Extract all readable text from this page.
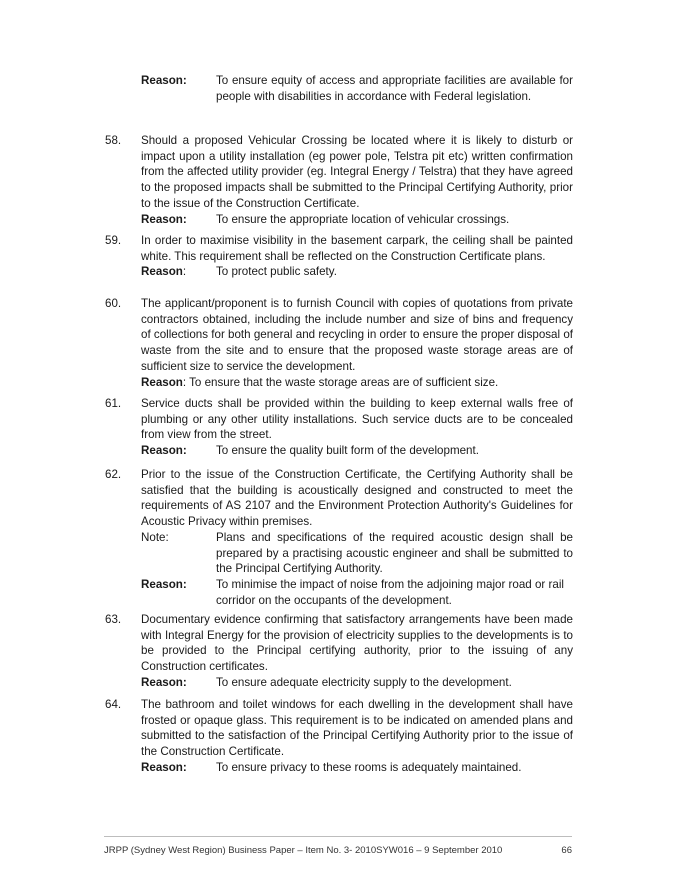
Reason:	To ensure equity of access and appropriate facilities are available for people with disabilities in accordance with Federal legislation.
58. Should a proposed Vehicular Crossing be located where it is likely to disturb or impact upon a utility installation (eg power pole, Telstra pit etc) written confirmation from the affected utility provider (eg. Integral Energy / Telstra) that they have agreed to the proposed impacts shall be submitted to the Principal Certifying Authority, prior to the issue of the Construction Certificate.
Reason:	To ensure the appropriate location of vehicular crossings.
59. In order to maximise visibility in the basement carpark, the ceiling shall be painted white. This requirement shall be reflected on the Construction Certificate plans.
Reason:	To protect public safety.
60. The applicant/proponent is to furnish Council with copies of quotations from private contractors obtained, including the include number and size of bins and frequency of collections for both general and recycling in order to ensure the proper disposal of waste from the site and to ensure that the proposed waste storage areas are of sufficient size to service the development.
Reason: To ensure that the waste storage areas are of sufficient size.
61. Service ducts shall be provided within the building to keep external walls free of plumbing or any other utility installations. Such service ducts are to be concealed from view from the street.
Reason:	To ensure the quality built form of the development.
62. Prior to the issue of the Construction Certificate, the Certifying Authority shall be satisfied that the building is acoustically designed and constructed to meet the requirements of AS 2107 and the Environment Protection Authority's Guidelines for Acoustic Privacy within premises.
Note:	Plans and specifications of the required acoustic design shall be prepared by a practising acoustic engineer and shall be submitted to the Principal Certifying Authority.
Reason:	To minimise the impact of noise from the adjoining major road or rail corridor on the occupants of the development.
63. Documentary evidence confirming that satisfactory arrangements have been made with Integral Energy for the provision of electricity supplies to the developments is to be provided to the Principal certifying authority, prior to the issuing of any Construction certificates.
Reason:	To ensure adequate electricity supply to the development.
64. The bathroom and toilet windows for each dwelling in the development shall have frosted or opaque glass. This requirement is to be indicated on amended plans and submitted to the satisfaction of the Principal Certifying Authority prior to the issue of the Construction Certificate.
Reason:	To ensure privacy to these rooms is adequately maintained.
JRPP (Sydney West Region) Business Paper – Item No. 3- 2010SYW016 – 9 September 2010	66
